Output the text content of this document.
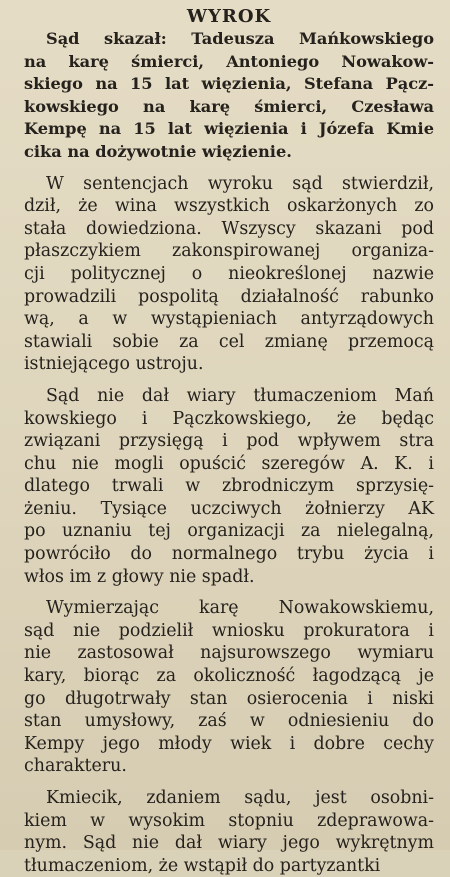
WYROK
Sąd skazał: Tadeusza Mańkowskiego
na karę śmierci, Antoniego Nowakow-
skiego na 15 lat więzienia, Stefana Pącz-
kowskiego na karę śmierci, Czesława
Kempę na 15 lat więzienia i Józefa Kmie
cika na dożywotnie więzienie.
W sentencjach wyroku sąd stwierdził,
dził, że wina wszystkich oskarżonych zo
stała dowiedziona. Wszyscy skazani pod
płaszczykiem zakonspirowanej organiza-
cji politycznej o nieokreślonej nazwie
prowadzili pospolitą działalność rabunko
wą, a w wystąpieniach antyrządowych
stawiali sobie za cel zmianę przemocą
istniejącego ustroju.
Sąd nie dał wiary tłumaczeniom Mań
kowskiego i Pączkowskiego, że będąc
związani przysięgą i pod wpływem stra
chu nie mogli opuścić szeregów A. K. i
dlatego trwali w zbrodniczym sprzysię-
żeniu. Tysiące uczciwych żołnierzy AK
po uznaniu tej organizacji za nielegalną,
powróciło do normalnego trybu życia i
włos im z głowy nie spadł.
Wymierzając karę Nowakowskiemu,
sąd nie podzielił wniosku prokuratora i
nie zastosował najsurowszego wymiaru
kary, biorąc za okoliczność łagodzącą je
go długotrwały stan osierocenia i niski
stan umysłowy, zaś w odniesieniu do
Kempy jego młody wiek i dobre cechy
charakteru.
Kmiecik, zdaniem sądu, jest osobni-
kiem w wysokim stopniu zdeprawowa-
nym. Sąd nie dał wiary jego wykrętnym
tłumaczeniom, że wstąpił do partyzantki
